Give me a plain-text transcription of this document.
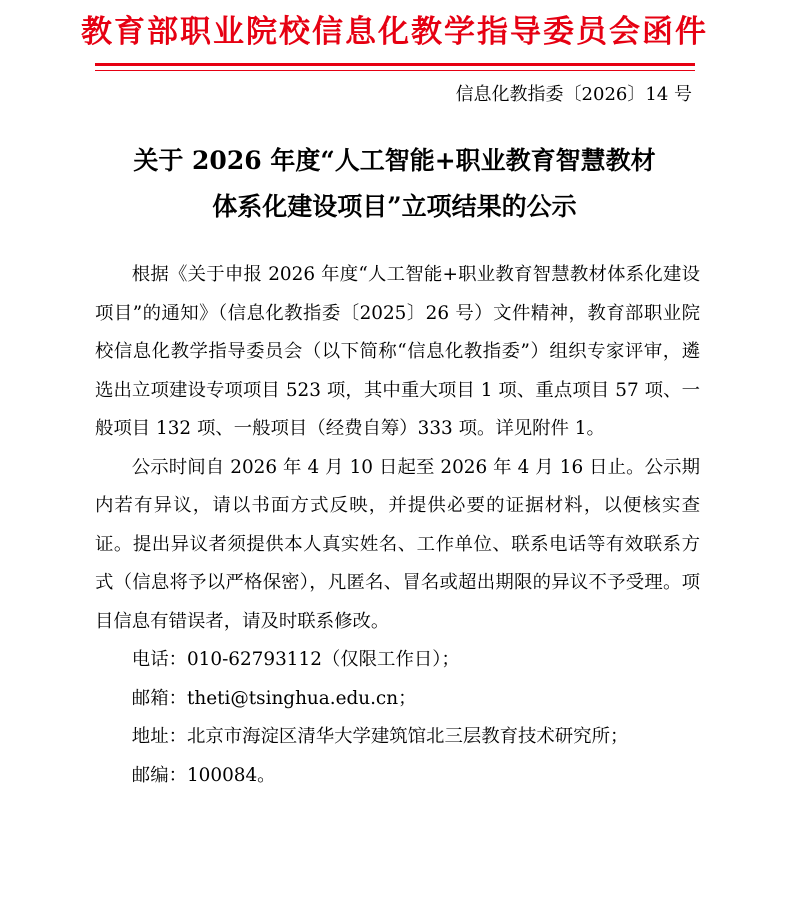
教育部职业院校信息化教学指导委员会函件
信息化教指委〔2026〕14 号
关于 2026 年度“人工智能+职业教育智慧教材
体系化建设项目”立项结果的公示

根据《关于申报 2026 年度“人工智能+职业教育智慧教材体系化建设项目”的通知》（信息化教指委〔2025〕26 号）文件精神，教育部职业院校信息化教学指导委员会（以下简称“信息化教指委”）组织专家评审，遴选出立项建设专项项目 523 项，其中重大项目 1 项、重点项目 57 项、一般项目 132 项、一般项目（经费自筹）333 项。详见附件 1。

公示时间自 2026 年 4 月 10 日起至 2026 年 4 月 16 日止。公示期内若有异议，请以书面方式反映，并提供必要的证据材料，以便核实查证。提出异议者须提供本人真实姓名、工作单位、联系电话等有效联系方式（信息将予以严格保密），凡匿名、冒名或超出期限的异议不予受理。项目信息有错误者，请及时联系修改。

电话：010-62793112（仅限工作日）；

邮箱：theti@tsinghua.edu.cn；

地址：北京市海淀区清华大学建筑馆北三层教育技术研究所；

邮编：100084。
